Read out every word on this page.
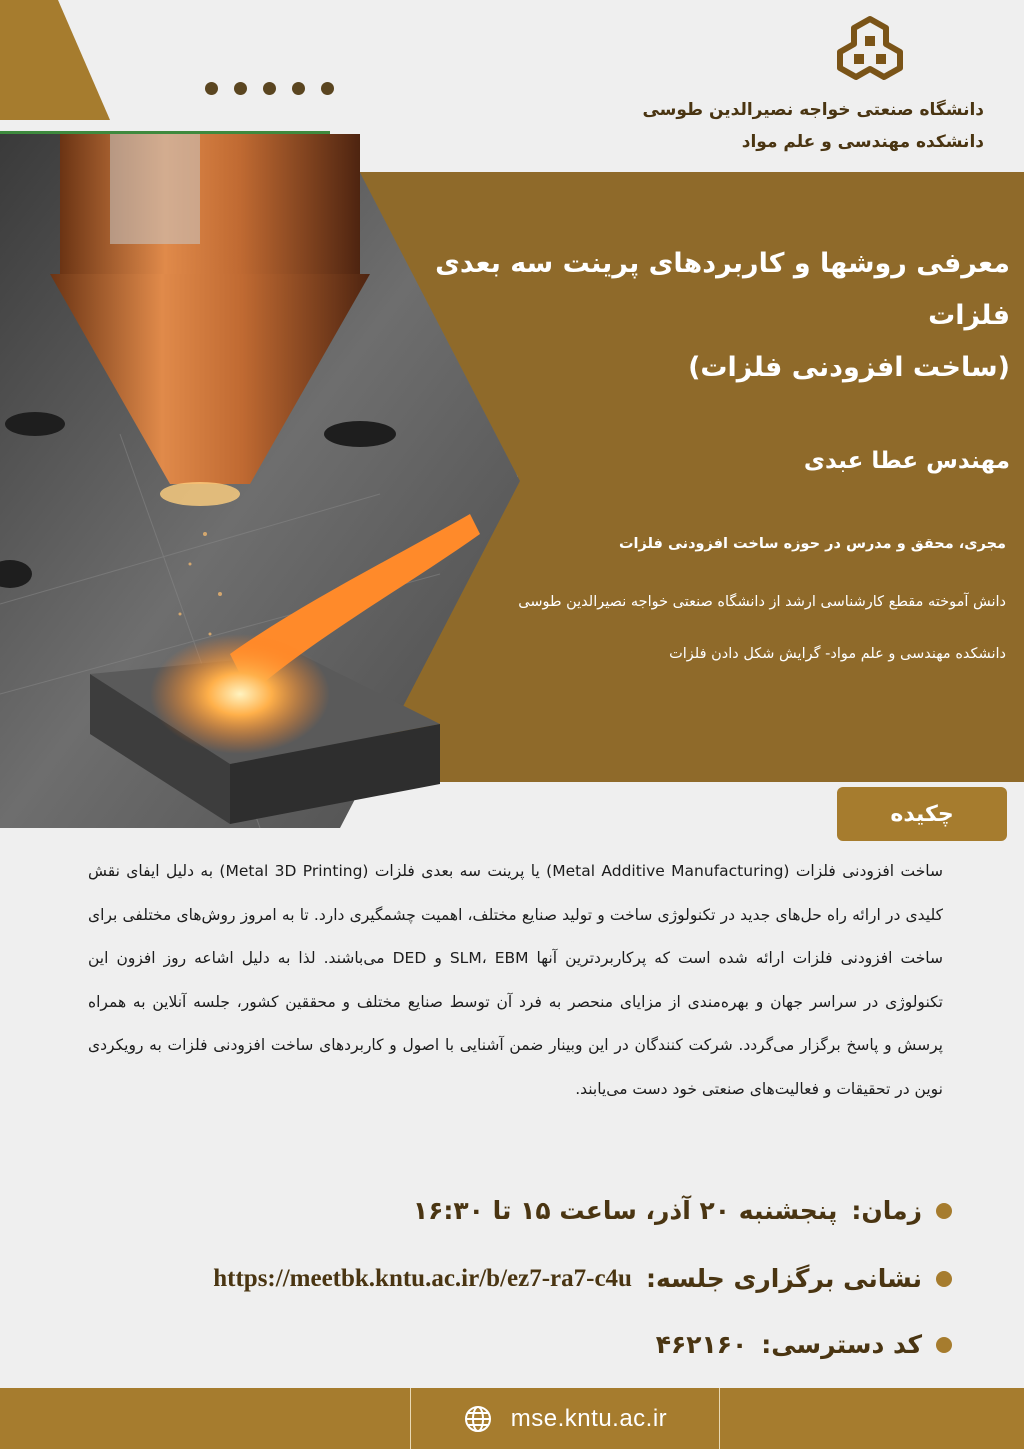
دانشگاه صنعتی خواجه نصیرالدین طوسی
دانشکده مهندسی و علم مواد
معرفی روشها و کاربردهای پرینت سه بعدی فلزات
(ساخت افزودنی فلزات)
مهندس عطا عبدی
مجری، محقق و مدرس در حوزه ساخت افزودنی فلزات
دانش آموخته مقطع کارشناسی ارشد از دانشگاه صنعتی خواجه نصیرالدین طوسی
دانشکده مهندسی و علم مواد- گرایش شکل دادن فلزات
چکیده
ساخت افزودنی فلزات (Metal Additive Manufacturing) یا پرینت سه بعدی فلزات (Metal 3D Printing) به دلیل ایفای نقش کلیدی در ارائه راه حل‌های جدید در تکنولوژی ساخت و تولید صنایع مختلف، اهمیت چشمگیری دارد. تا به امروز روش‌های مختلفی برای ساخت افزودنی فلزات ارائه شده است که پرکاربردترین آنها SLM، EBM و DED می‌باشند. لذا به دلیل اشاعه روز افزون این تکنولوژی در سراسر جهان و بهره‌مندی از مزایای منحصر به فرد آن توسط صنایع مختلف و محققین کشور، جلسه آنلاین به همراه پرسش و پاسخ برگزار می‌گردد. شرکت کنندگان در این وبینار ضمن آشنایی با اصول و کاربردهای ساخت افزودنی فلزات به رویکردی نوین در تحقیقات و فعالیت‌های صنعتی خود دست می‌یابند.
زمان:
پنجشنبه ۲۰ آذر، ساعت ۱۵ تا ۱۶:۳۰
نشانی برگزاری جلسه:
https://meetbk.kntu.ac.ir/b/ez7-ra7-c4u
کد دسترسی:
۴۶۲۱۶۰
mse.kntu.ac.ir
